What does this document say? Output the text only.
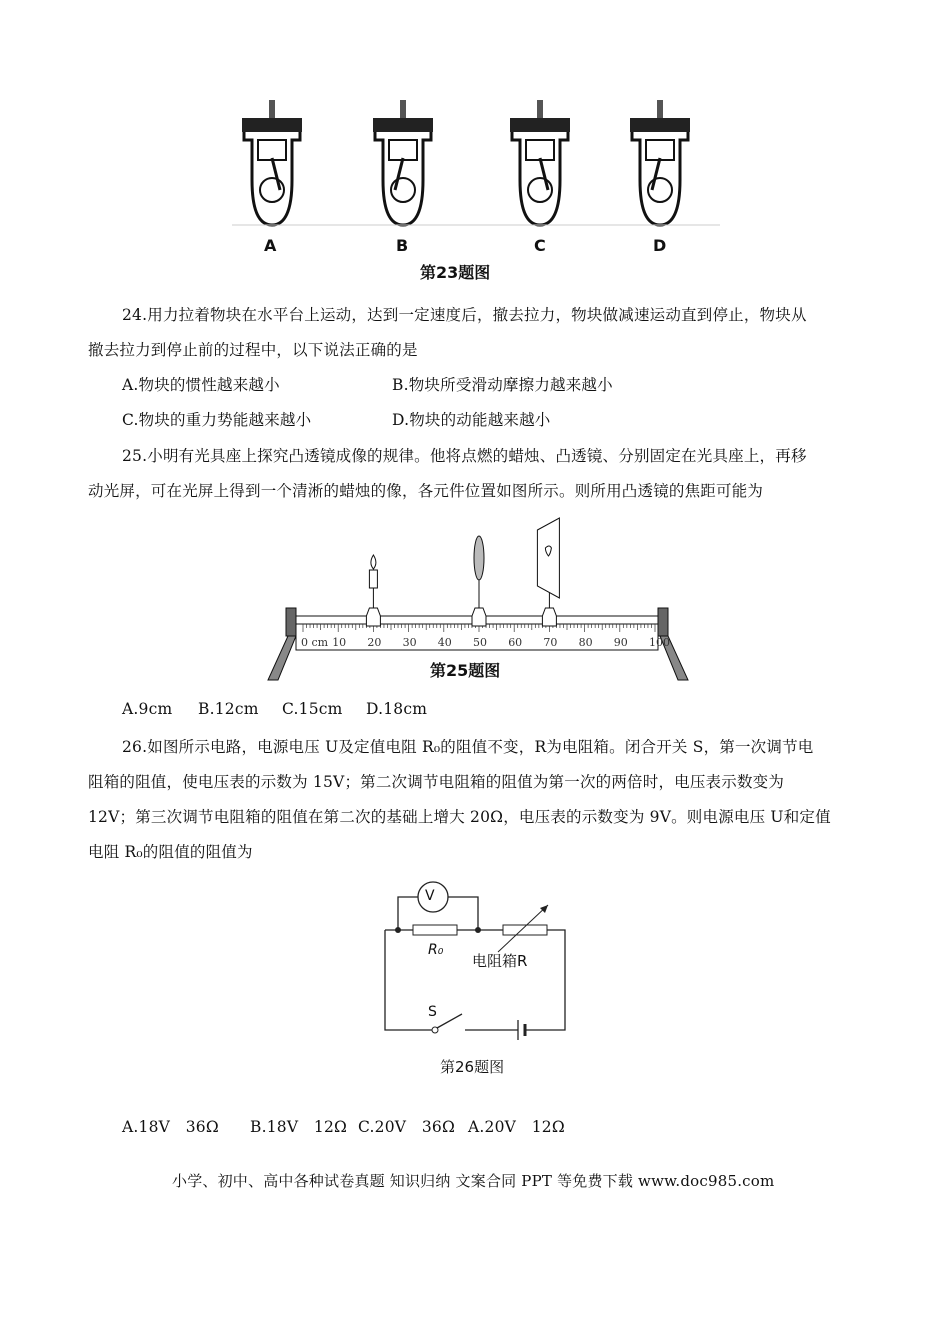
0 cm 10 20 30 40 50 60 70 80 90 100
A	B	C	D
第23题图
24.用力拉着物块在水平台上运动，达到一定速度后，撤去拉力，物块做减速运动直到停止，物块从
撤去拉力到停止前的过程中，以下说法正确的是
A.物块的惯性越来越小	B.物块所受滑动摩擦力越来越小
C.物块的重力势能越来越小	D.物块的动能越来越小
25.小明有光具座上探究凸透镜成像的规律。他将点燃的蜡烛、凸透镜、分别固定在光具座上，再移
动光屏，可在光屏上得到一个清淅的蜡烛的像，各元件位置如图所示。则所用凸透镜的焦距可能为
第25题图
A.9cm B.12cm C.15cm D.18cm
26.如图所示电路，电源电压 U及定值电阻 R₀的阻值不变，R为电阻箱。闭合开关 S，第一次调节电
阻箱的阻值，使电压表的示数为 15V；第二次调节电阻箱的阻值为第一次的两倍时，电压表示数变为
12V；第三次调节电阻箱的阻值在第二次的基础上增大 20Ω，电压表的示数变为 9V。则电源电压 U和定值
电阻 R₀的阻值的阻值为
V
R₀
电阻箱R
S
第26题图
A.18V　36Ω B.18V　12Ω C.20V　36Ω A.20V　12Ω
小学、初中、高中各种试卷真题 知识归纳 文案合同 PPT 等免费下载 www.doc985.com
